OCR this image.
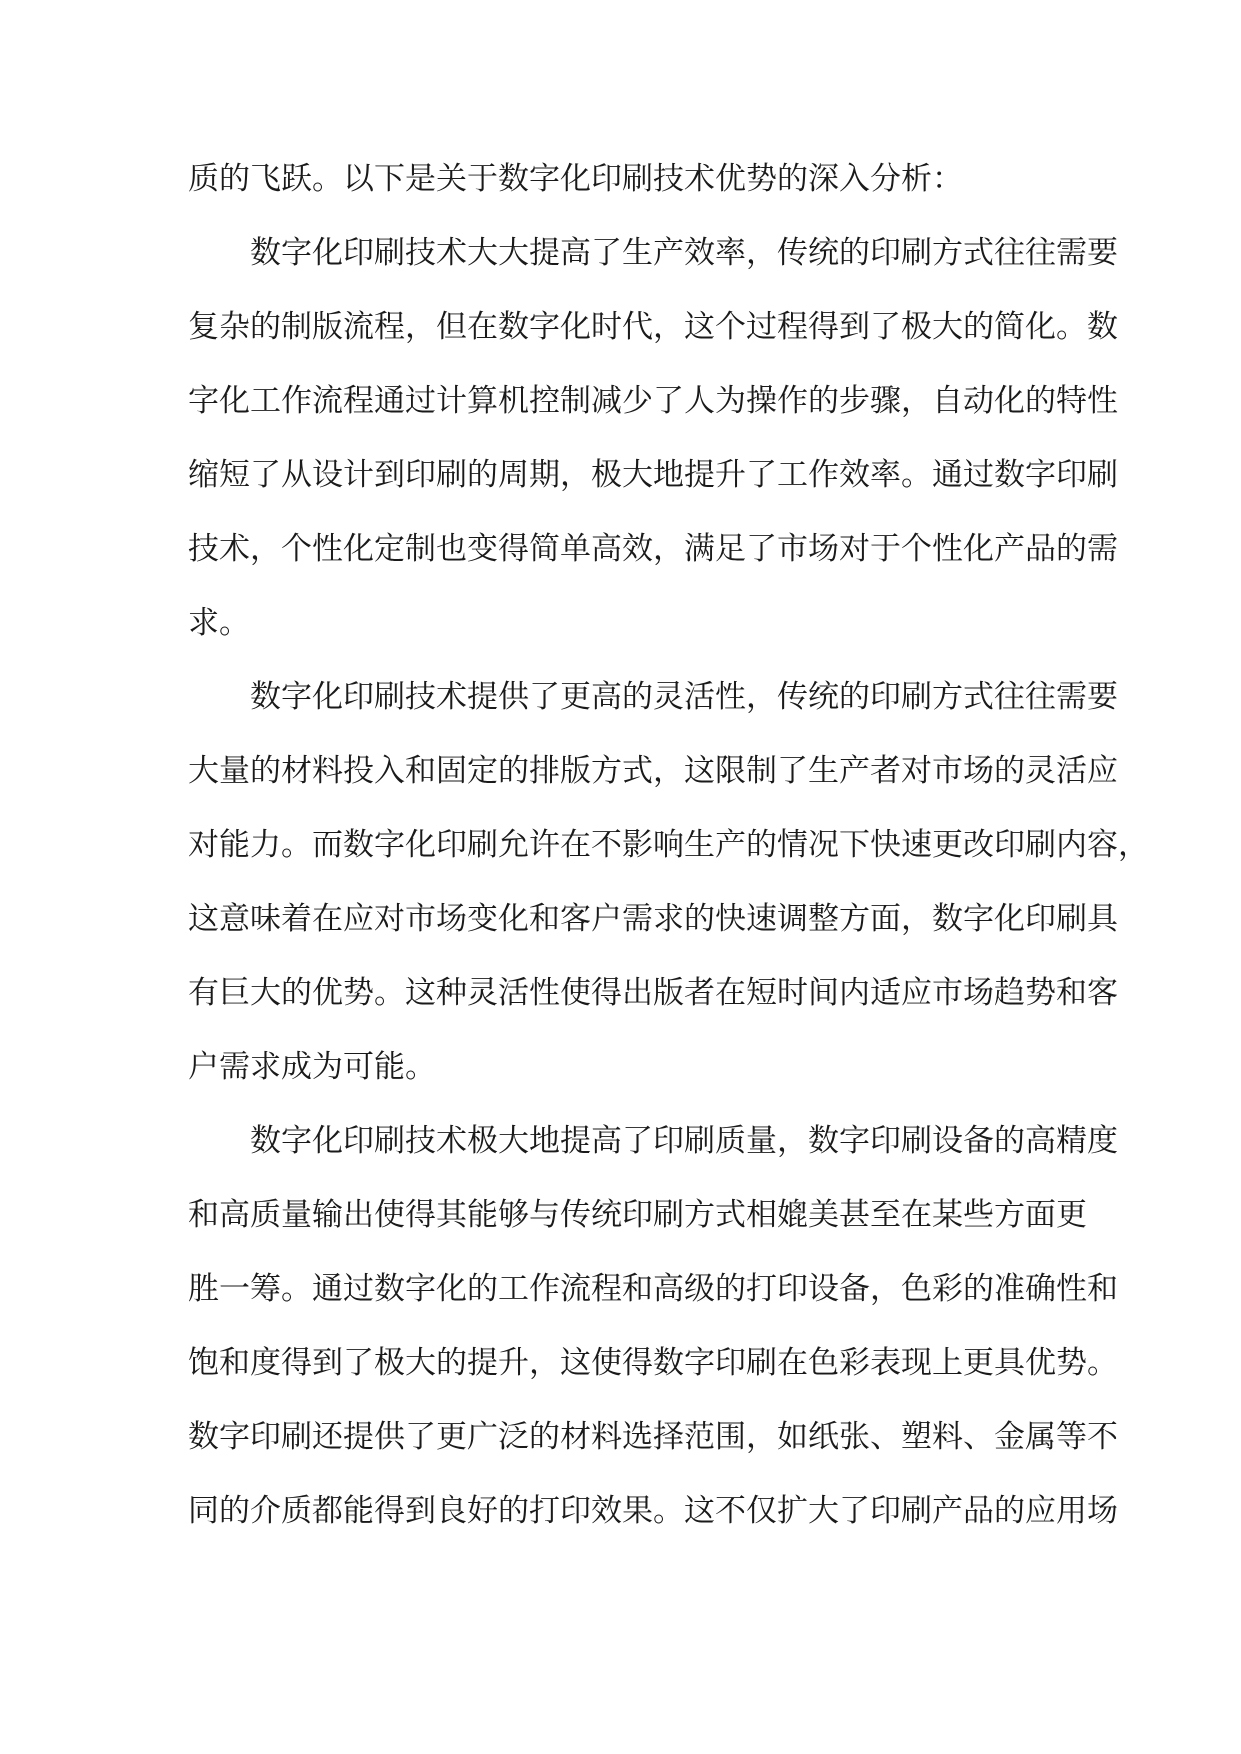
质的飞跃。以下是关于数字化印刷技术优势的深入分析：
数字化印刷技术大大提高了生产效率，传统的印刷方式往往需要
复杂的制版流程，但在数字化时代，这个过程得到了极大的简化。数
字化工作流程通过计算机控制减少了人为操作的步骤，自动化的特性
缩短了从设计到印刷的周期，极大地提升了工作效率。通过数字印刷
技术，个性化定制也变得简单高效，满足了市场对于个性化产品的需
求。
数字化印刷技术提供了更高的灵活性，传统的印刷方式往往需要
大量的材料投入和固定的排版方式，这限制了生产者对市场的灵活应
对能力。而数字化印刷允许在不影响生产的情况下快速更改印刷内容，
这意味着在应对市场变化和客户需求的快速调整方面，数字化印刷具
有巨大的优势。这种灵活性使得出版者在短时间内适应市场趋势和客
户需求成为可能。
数字化印刷技术极大地提高了印刷质量，数字印刷设备的高精度
和高质量输出使得其能够与传统印刷方式相媲美甚至在某些方面更
胜一筹。通过数字化的工作流程和高级的打印设备，色彩的准确性和
饱和度得到了极大的提升，这使得数字印刷在色彩表现上更具优势。
数字印刷还提供了更广泛的材料选择范围，如纸张、塑料、金属等不
同的介质都能得到良好的打印效果。这不仅扩大了印刷产品的应用场
